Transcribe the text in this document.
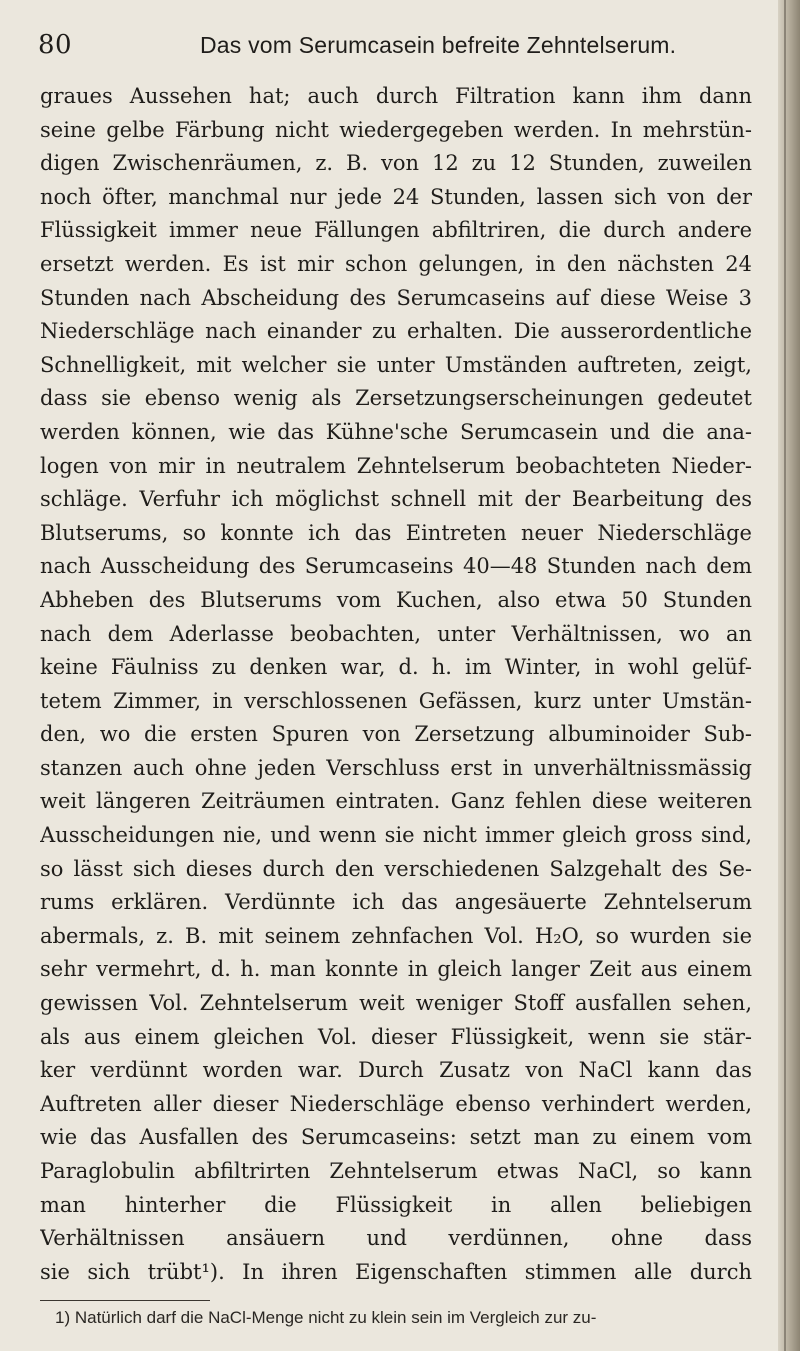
80	Das vom Serumcasein befreite Zehntelserum.
graues Aussehen hat; auch durch Filtration kann ihm dann
seine gelbe Färbung nicht wiedergegeben werden. In mehrstün-
digen Zwischenräumen, z. B. von 12 zu 12 Stunden, zuweilen
noch öfter, manchmal nur jede 24 Stunden, lassen sich von der
Flüssigkeit immer neue Fällungen abfiltriren, die durch andere
ersetzt werden. Es ist mir schon gelungen, in den nächsten 24
Stunden nach Abscheidung des Serumcaseins auf diese Weise 3
Niederschläge nach einander zu erhalten. Die ausserordentliche
Schnelligkeit, mit welcher sie unter Umständen auftreten, zeigt,
dass sie ebenso wenig als Zersetzungserscheinungen gedeutet
werden können, wie das Kühne'sche Serumcasein und die ana-
logen von mir in neutralem Zehntelserum beobachteten Nieder-
schläge. Verfuhr ich möglichst schnell mit der Bearbeitung des
Blutserums, so konnte ich das Eintreten neuer Niederschläge
nach Ausscheidung des Serumcaseins 40—48 Stunden nach dem
Abheben des Blutserums vom Kuchen, also etwa 50 Stunden
nach dem Aderlasse beobachten, unter Verhältnissen, wo an
keine Fäulniss zu denken war, d. h. im Winter, in wohl gelüf-
tetem Zimmer, in verschlossenen Gefässen, kurz unter Umstän-
den, wo die ersten Spuren von Zersetzung albuminoider Sub-
stanzen auch ohne jeden Verschluss erst in unverhältnissmässig
weit längeren Zeiträumen eintraten. Ganz fehlen diese weiteren
Ausscheidungen nie, und wenn sie nicht immer gleich gross sind,
so lässt sich dieses durch den verschiedenen Salzgehalt des Se-
rums erklären. Verdünnte ich das angesäuerte Zehntelserum
abermals, z. B. mit seinem zehnfachen Vol. H₂O, so wurden sie
sehr vermehrt, d. h. man konnte in gleich langer Zeit aus einem
gewissen Vol. Zehntelserum weit weniger Stoff ausfallen sehen,
als aus einem gleichen Vol. dieser Flüssigkeit, wenn sie stär-
ker verdünnt worden war. Durch Zusatz von NaCl kann das
Auftreten aller dieser Niederschläge ebenso verhindert werden,
wie das Ausfallen des Serumcaseins: setzt man zu einem vom
Paraglobulin abfiltrirten Zehntelserum etwas NaCl, so kann
man hinterher die Flüssigkeit in allen beliebigen
Verhältnissen ansäuern und verdünnen, ohne dass
sie sich trübt¹). In ihren Eigenschaften stimmen alle durch
1) Natürlich darf die NaCl-Menge nicht zu klein sein im Vergleich zur zu-
